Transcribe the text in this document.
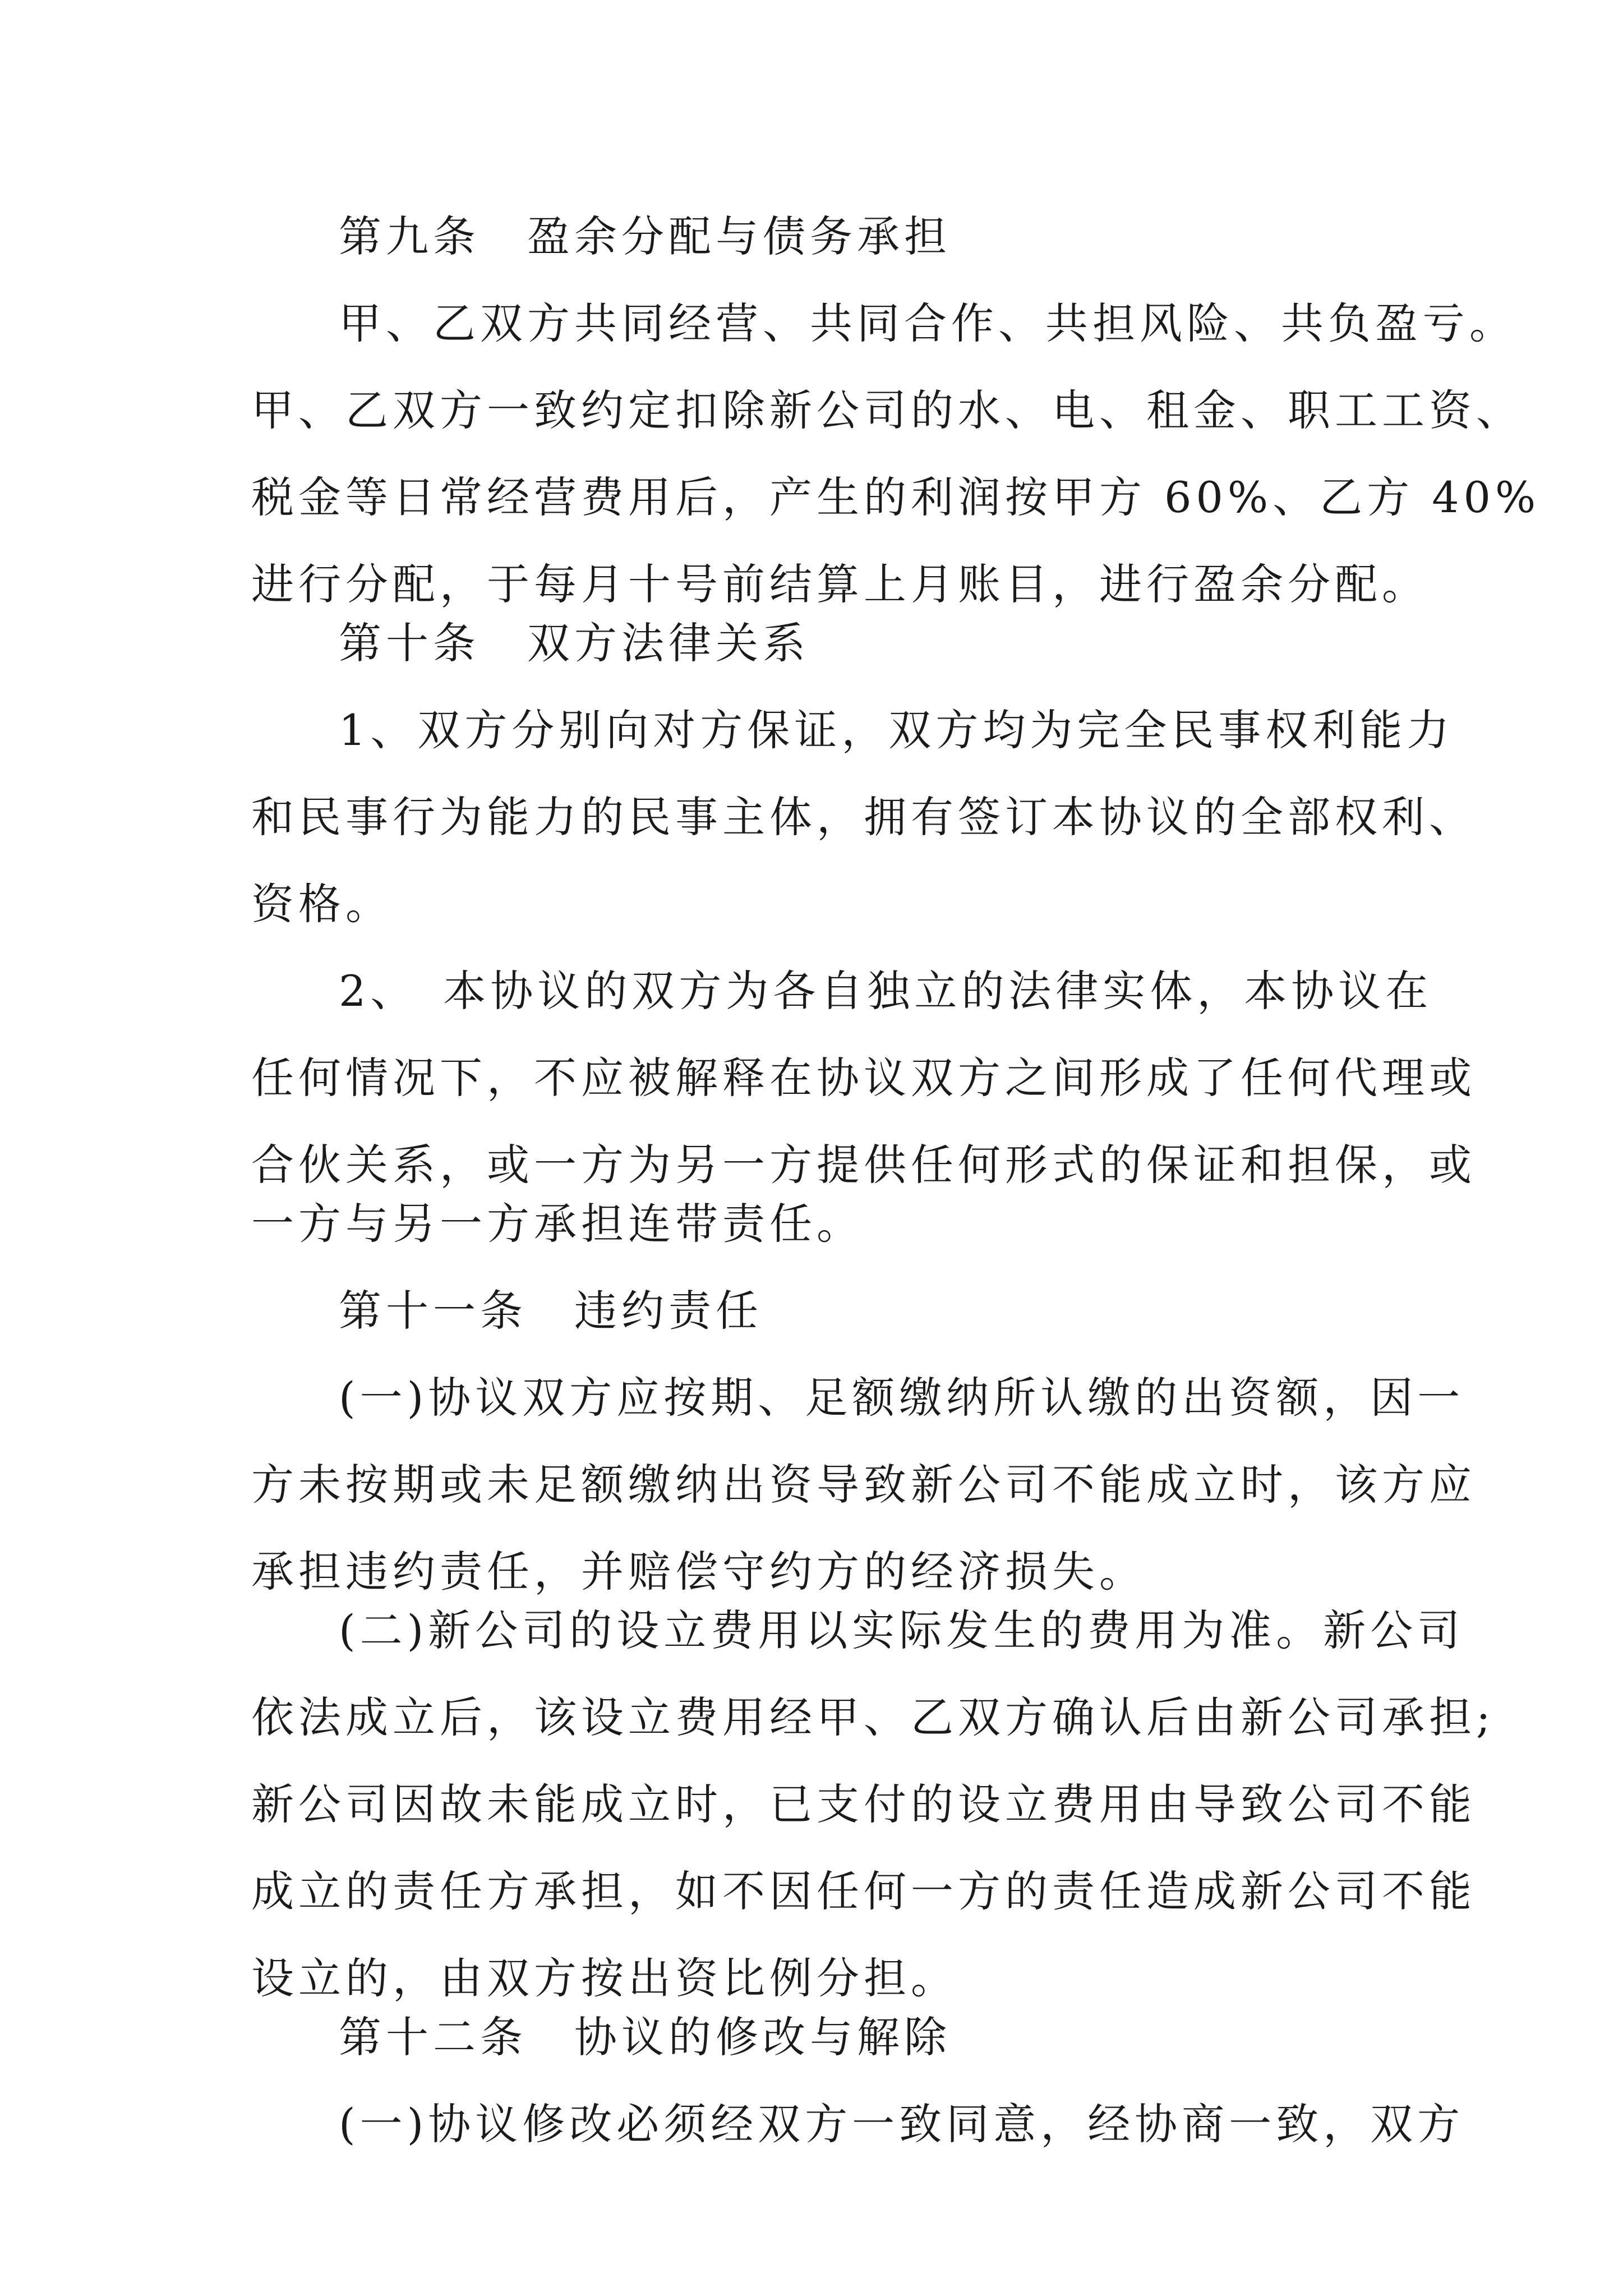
第九条　盈余分配与债务承担
甲、乙双方共同经营、共同合作、共担风险、共负盈亏。
甲、乙双方一致约定扣除新公司的水、电、租金、职工工资、
税金等日常经营费用后，产生的利润按甲方 60%、乙方 40%
进行分配，于每月十号前结算上月账目，进行盈余分配。
第十条　双方法律关系
1、双方分别向对方保证，双方均为完全民事权利能力
和民事行为能力的民事主体，拥有签订本协议的全部权利、
资格。
2、　本协议的双方为各自独立的法律实体，本协议在
任何情况下，不应被解释在协议双方之间形成了任何代理或
合伙关系，或一方为另一方提供任何形式的保证和担保，或
一方与另一方承担连带责任。
第十一条　违约责任
(一)协议双方应按期、足额缴纳所认缴的出资额，因一
方未按期或未足额缴纳出资导致新公司不能成立时，该方应
承担违约责任，并赔偿守约方的经济损失。
(二)新公司的设立费用以实际发生的费用为准。新公司
依法成立后，该设立费用经甲、乙双方确认后由新公司承担;
新公司因故未能成立时，已支付的设立费用由导致公司不能
成立的责任方承担，如不因任何一方的责任造成新公司不能
设立的，由双方按出资比例分担。
第十二条　协议的修改与解除
(一)协议修改必须经双方一致同意，经协商一致，双方
